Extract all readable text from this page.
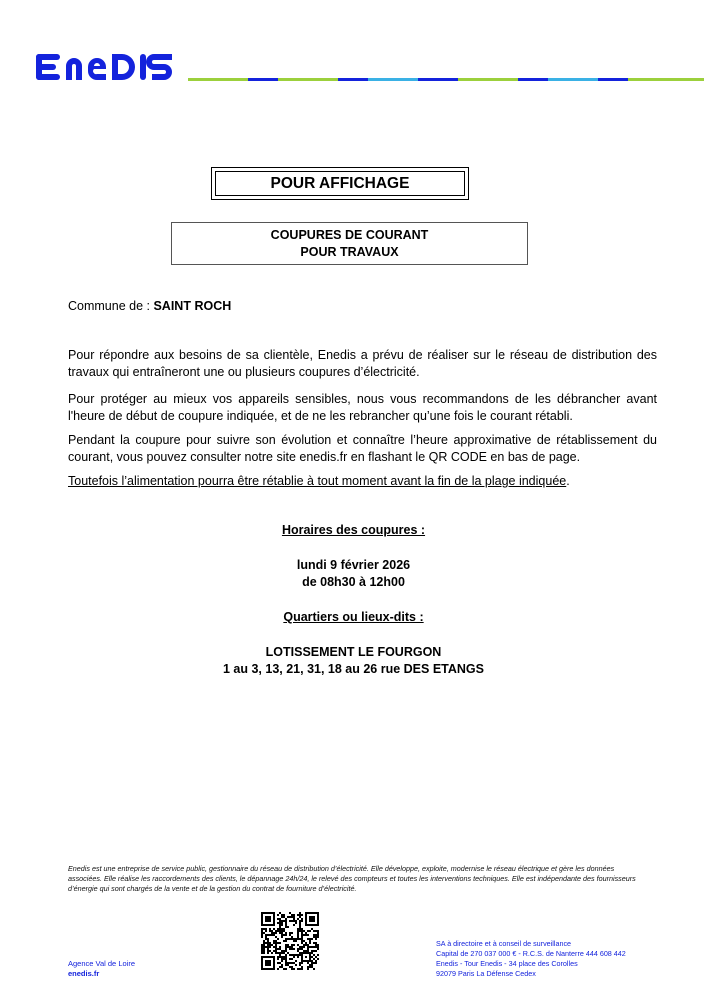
POUR AFFICHAGE
COUPURES DE COURANT
POUR TRAVAUX
Commune de : SAINT ROCH
Pour répondre aux besoins de sa clientèle, Enedis a prévu de réaliser sur le réseau de distribution des travaux qui entraîneront une ou plusieurs coupures d’électricité.
Pour protéger au mieux vos appareils sensibles, nous vous recommandons de les débrancher avant l'heure de début de coupure indiquée, et de ne les rebrancher qu’une fois le courant rétabli.
Pendant la coupure pour suivre son évolution et connaître l’heure approximative de rétablissement du courant, vous pouvez consulter notre site enedis.fr en flashant le QR CODE en bas de page.
Toutefois l’alimentation pourra être rétablie à tout moment avant la fin de la plage indiquée.
Horaires des coupures :
lundi 9 février 2026
de 08h30 à 12h00
Quartiers ou lieux-dits :
LOTISSEMENT LE FOURGON
1 au 3, 13, 21, 31, 18 au 26 rue DES ETANGS
Enedis est une entreprise de service public, gestionnaire du réseau de distribution d’électricité. Elle développe, exploite, modernise le réseau électrique et gère les données associées. Elle réalise les raccordements des clients, le dépannage 24h/24, le relevé des compteurs et toutes les interventions techniques. Elle est indépendante des fournisseurs d’énergie qui sont chargés de la vente et de la gestion du contrat de fourniture d’électricité.
Agence Val de Loire
enedis.fr
SA à directoire et à conseil de surveillance
Capital de 270 037 000 € - R.C.S. de Nanterre 444 608 442
Enedis - Tour Enedis - 34 place des Corolles
92079 Paris La Défense Cedex
